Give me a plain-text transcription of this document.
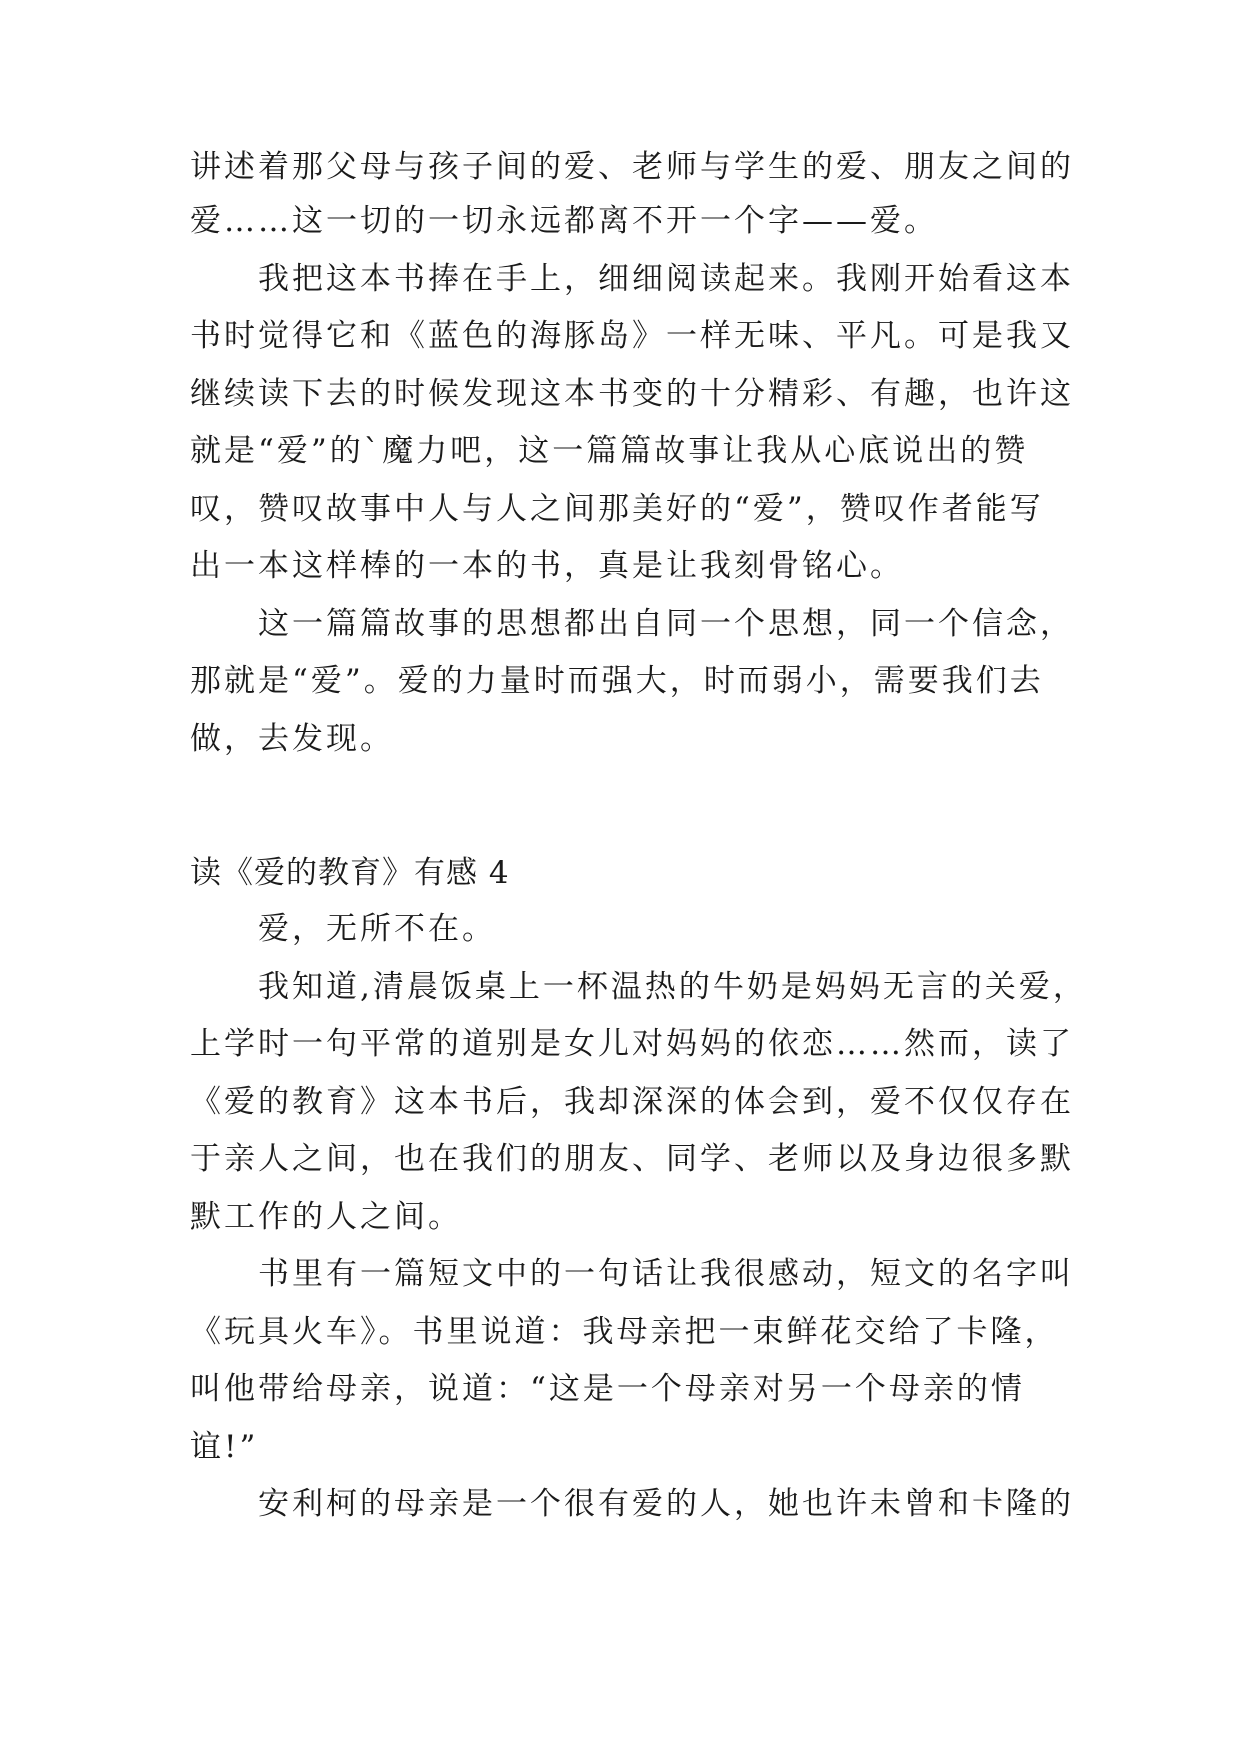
讲述着那父母与孩子间的爱、老师与学生的爱、朋友之间的
爱……这一切的一切永远都离不开一个字——爱。
　　我把这本书捧在手上，细细阅读起来。我刚开始看这本
书时觉得它和《蓝色的海豚岛》一样无味、平凡。可是我又
继续读下去的时候发现这本书变的十分精彩、有趣，也许这
就是“爱”的`魔力吧，这一篇篇故事让我从心底说出的赞
叹，赞叹故事中人与人之间那美好的“爱”，赞叹作者能写
出一本这样棒的一本的书，真是让我刻骨铭心。
　　这一篇篇故事的思想都出自同一个思想，同一个信念，
那就是“爱”。爱的力量时而强大，时而弱小，需要我们去
做，去发现。
读《爱的教育》有感 4
　　爱，无所不在。
　　我知道,清晨饭桌上一杯温热的牛奶是妈妈无言的关爱，
上学时一句平常的道别是女儿对妈妈的依恋……然而，读了
《爱的教育》这本书后，我却深深的体会到，爱不仅仅存在
于亲人之间，也在我们的朋友、同学、老师以及身边很多默
默工作的人之间。
　　书里有一篇短文中的一句话让我很感动，短文的名字叫
《玩具火车》。书里说道：我母亲把一束鲜花交给了卡隆，
叫他带给母亲，说道：“这是一个母亲对另一个母亲的情
谊!”
　　安利柯的母亲是一个很有爱的人，她也许未曾和卡隆的
